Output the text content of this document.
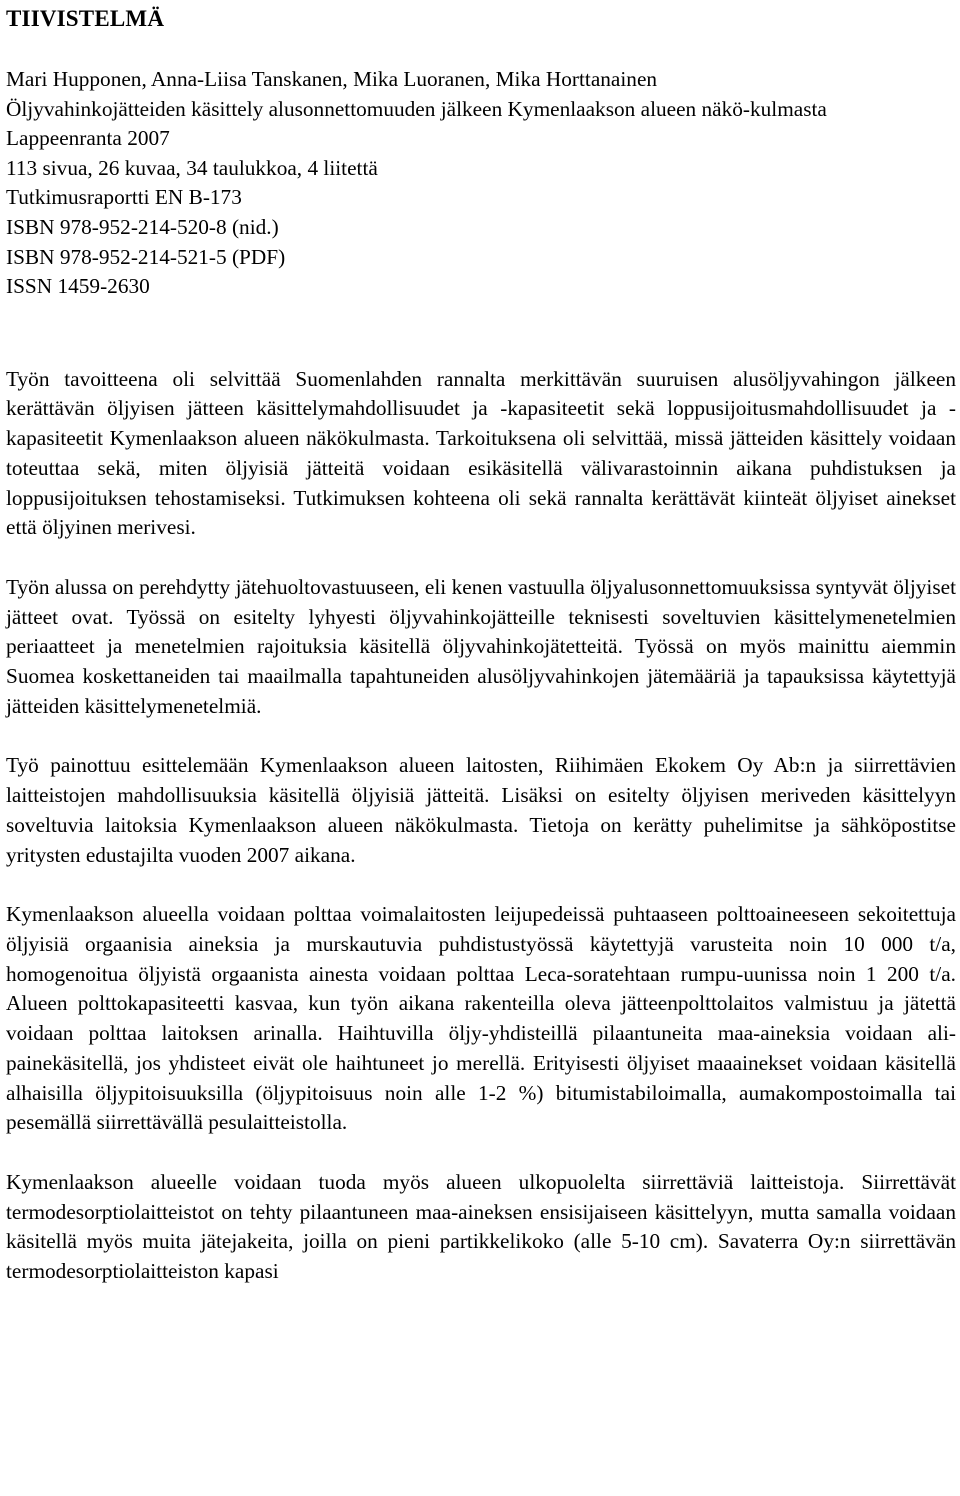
TIIVISTELMÄ
Mari Hupponen, Anna-Liisa Tanskanen, Mika Luoranen, Mika Horttanainen
Öljyvahinkojätteiden käsittely alusonnettomuuden jälkeen Kymenlaakson alueen näkö-kulmasta
Lappeenranta 2007
113 sivua, 26 kuvaa, 34 taulukkoa, 4 liitettä
Tutkimusraportti EN B-173
ISBN 978-952-214-520-8 (nid.)
ISBN 978-952-214-521-5 (PDF)
ISSN 1459-2630

Työn tavoitteena oli selvittää Suomenlahden rannalta merkittävän suuruisen alusöljyvahingon jälkeen kerättävän öljyisen jätteen käsittelymahdollisuudet ja -kapasiteetit sekä loppusijoitusmahdollisuudet ja -kapasiteetit Kymenlaakson alueen näkökulmasta. Tarkoituksena oli selvittää, missä jätteiden käsittely voidaan toteuttaa sekä, miten öljyisiä jätteitä voidaan esikäsitellä välivarastoinnin aikana puhdistuksen ja loppusijoituksen tehostamiseksi. Tutkimuksen kohteena oli sekä rannalta kerättävät kiinteät öljyiset ainekset että öljyinen merivesi.

Työn alussa on perehdytty jätehuoltovastuuseen, eli kenen vastuulla öljyalusonnettomuuksissa syntyvät öljyiset jätteet ovat. Työssä on esitelty lyhyesti öljyvahinkojätteille teknisesti soveltuvien käsittelymenetelmien periaatteet ja menetelmien rajoituksia käsitellä öljyvahinkojätetteitä. Työssä on myös mainittu aiemmin Suomea koskettaneiden tai maailmalla tapahtuneiden alusöljyvahinkojen jätemääriä ja tapauksissa käytettyjä jätteiden käsittelymenetelmiä.

Työ painottuu esittelemään Kymenlaakson alueen laitosten, Riihimäen Ekokem Oy Ab:n ja siirrettävien laitteistojen mahdollisuuksia käsitellä öljyisiä jätteitä. Lisäksi on esitelty öljyisen meriveden käsittelyyn soveltuvia laitoksia Kymenlaakson alueen näkökulmasta. Tietoja on kerätty puhelimitse ja sähköpostitse yritysten edustajilta vuoden 2007 aikana.

Kymenlaakson alueella voidaan polttaa voimalaitosten leijupedeissä puhtaaseen polttoaineeseen sekoitettuja öljyisiä orgaanisia aineksia ja murskautuvia puhdistustyössä käytettyjä varusteita noin 10 000 t/a, homogenoitua öljyistä orgaanista ainesta voidaan polttaa Leca-soratehtaan rumpu-uunissa noin 1 200 t/a. Alueen polttokapasiteetti kasvaa, kun työn aikana rakenteilla oleva jätteenpolttolaitos valmistuu ja jätettä voidaan polttaa laitoksen arinalla. Haihtuvilla öljy-yhdisteillä pilaantuneita maa-aineksia voidaan alipainekäsitellä, jos yhdisteet eivät ole haihtuneet jo merellä. Erityisesti öljyiset maaainekset voidaan käsitellä alhaisilla öljypitoisuuksilla (öljypitoisuus noin alle 1-2 %) bitumistabiloimalla, aumakompostoimalla tai pesemällä siirrettävällä pesulaitteistolla.

Kymenlaakson alueelle voidaan tuoda myös alueen ulkopuolelta siirrettäviä laitteistoja. Siirrettävät termodesorptiolaitteistot on tehty pilaantuneen maa-aineksen ensisijaiseen käsittelyyn, mutta samalla voidaan käsitellä myös muita jätejakeita, joilla on pieni partikkelikoko (alle 5-10 cm). Savaterra Oy:n siirrettävän termodesorptiolaitteiston kapasi
